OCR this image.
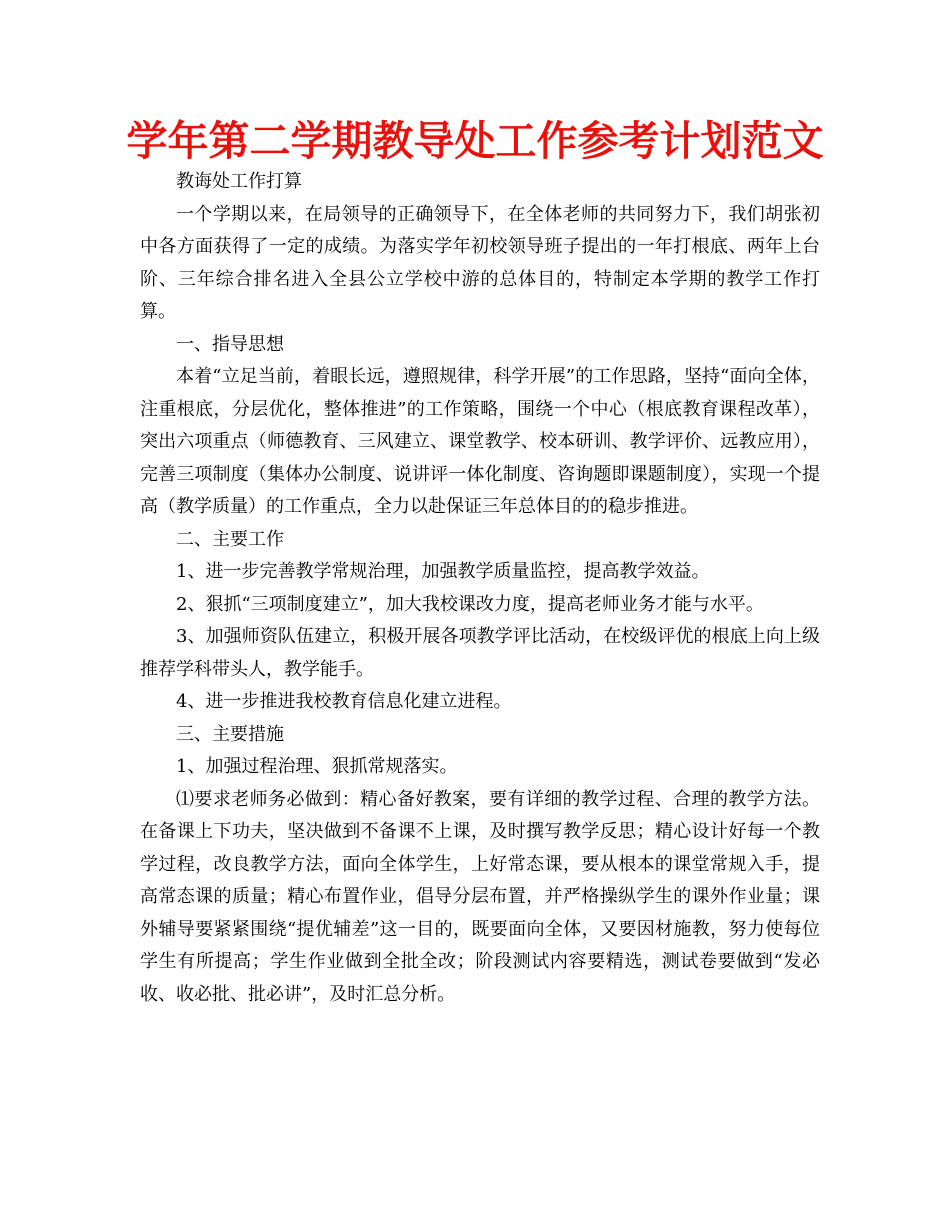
学年第二学期教导处工作参考计划范文

教诲处工作打算

一个学期以来，在局领导的正确领导下，在全体老师的共同努力下，我们胡张初中各方面获得了一定的成绩。为落实学年初校领导班子提出的一年打根底、两年上台阶、三年综合排名进入全县公立学校中游的总体目的，特制定本学期的教学工作打算。

一、指导思想

本着“立足当前，着眼长远，遵照规律，科学开展”的工作思路，坚持“面向全体，注重根底，分层优化，整体推进”的工作策略，围绕一个中心（根底教育课程改革），突出六项重点（师德教育、三风建立、课堂教学、校本研训、教学评价、远教应用），完善三项制度（集体办公制度、说讲评一体化制度、咨询题即课题制度），实现一个提高（教学质量）的工作重点，全力以赴保证三年总体目的的稳步推进。

二、主要工作

1、进一步完善教学常规治理，加强教学质量监控，提高教学效益。

2、狠抓“三项制度建立”，加大我校课改力度，提高老师业务才能与水平。

3、加强师资队伍建立，积极开展各项教学评比活动，在校级评优的根底上向上级推荐学科带头人，教学能手。

4、进一步推进我校教育信息化建立进程。

三、主要措施

1、加强过程治理、狠抓常规落实。

⑴要求老师务必做到：精心备好教案，要有详细的教学过程、合理的教学方法。在备课上下功夫，坚决做到不备课不上课，及时撰写教学反思；精心设计好每一个教学过程，改良教学方法，面向全体学生，上好常态课，要从根本的课堂常规入手，提高常态课的质量；精心布置作业，倡导分层布置，并严格操纵学生的课外作业量；课外辅导要紧紧围绕“提优辅差”这一目的，既要面向全体，又要因材施教，努力使每位学生有所提高；学生作业做到全批全改；阶段测试内容要精选，测试卷要做到“发必收、收必批、批必讲”，及时汇总分析。
